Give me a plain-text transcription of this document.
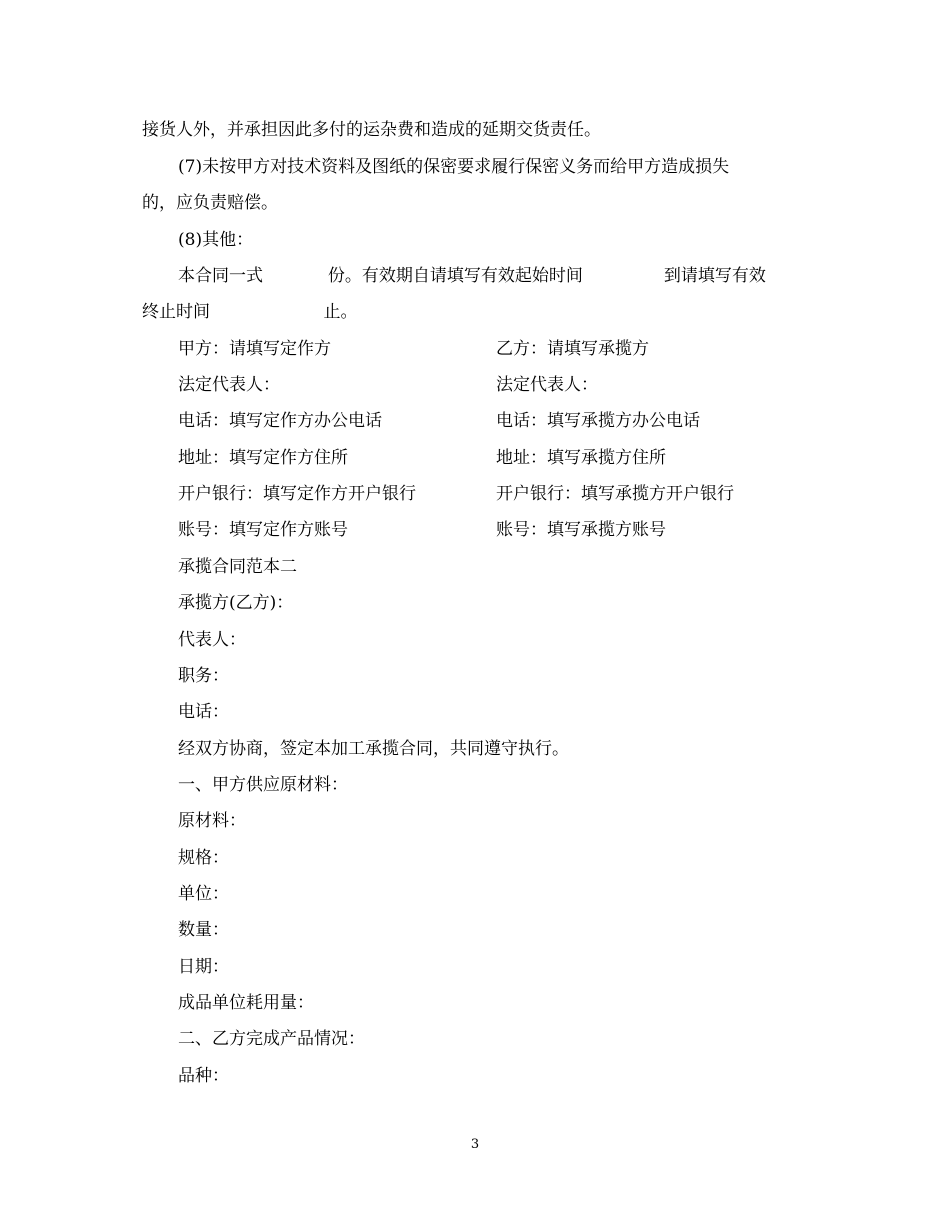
接货人外，并承担因此多付的运杂费和造成的延期交货责任。
(7)未按甲方对技术资料及图纸的保密要求履行保密义务而给甲方造成损失
的，应负责赔偿。
(8)其他：
本合同一式            份。有效期自请填写有效起始时间               到请填写有效
终止时间                     止。
甲方：请填写定作方	乙方：请填写承揽方
法定代表人：	法定代表人：
电话：填写定作方办公电话	电话：填写承揽方办公电话
地址：填写定作方住所	地址：填写承揽方住所
开户银行：填写定作方开户银行	开户银行：填写承揽方开户银行
账号：填写定作方账号	账号：填写承揽方账号
承揽合同范本二
承揽方(乙方)：
代表人：
职务：
电话：
经双方协商，签定本加工承揽合同，共同遵守执行。
一、甲方供应原材料：
原材料：
规格：
单位：
数量：
日期：
成品单位耗用量：
二、乙方完成产品情况：
品种：
3
